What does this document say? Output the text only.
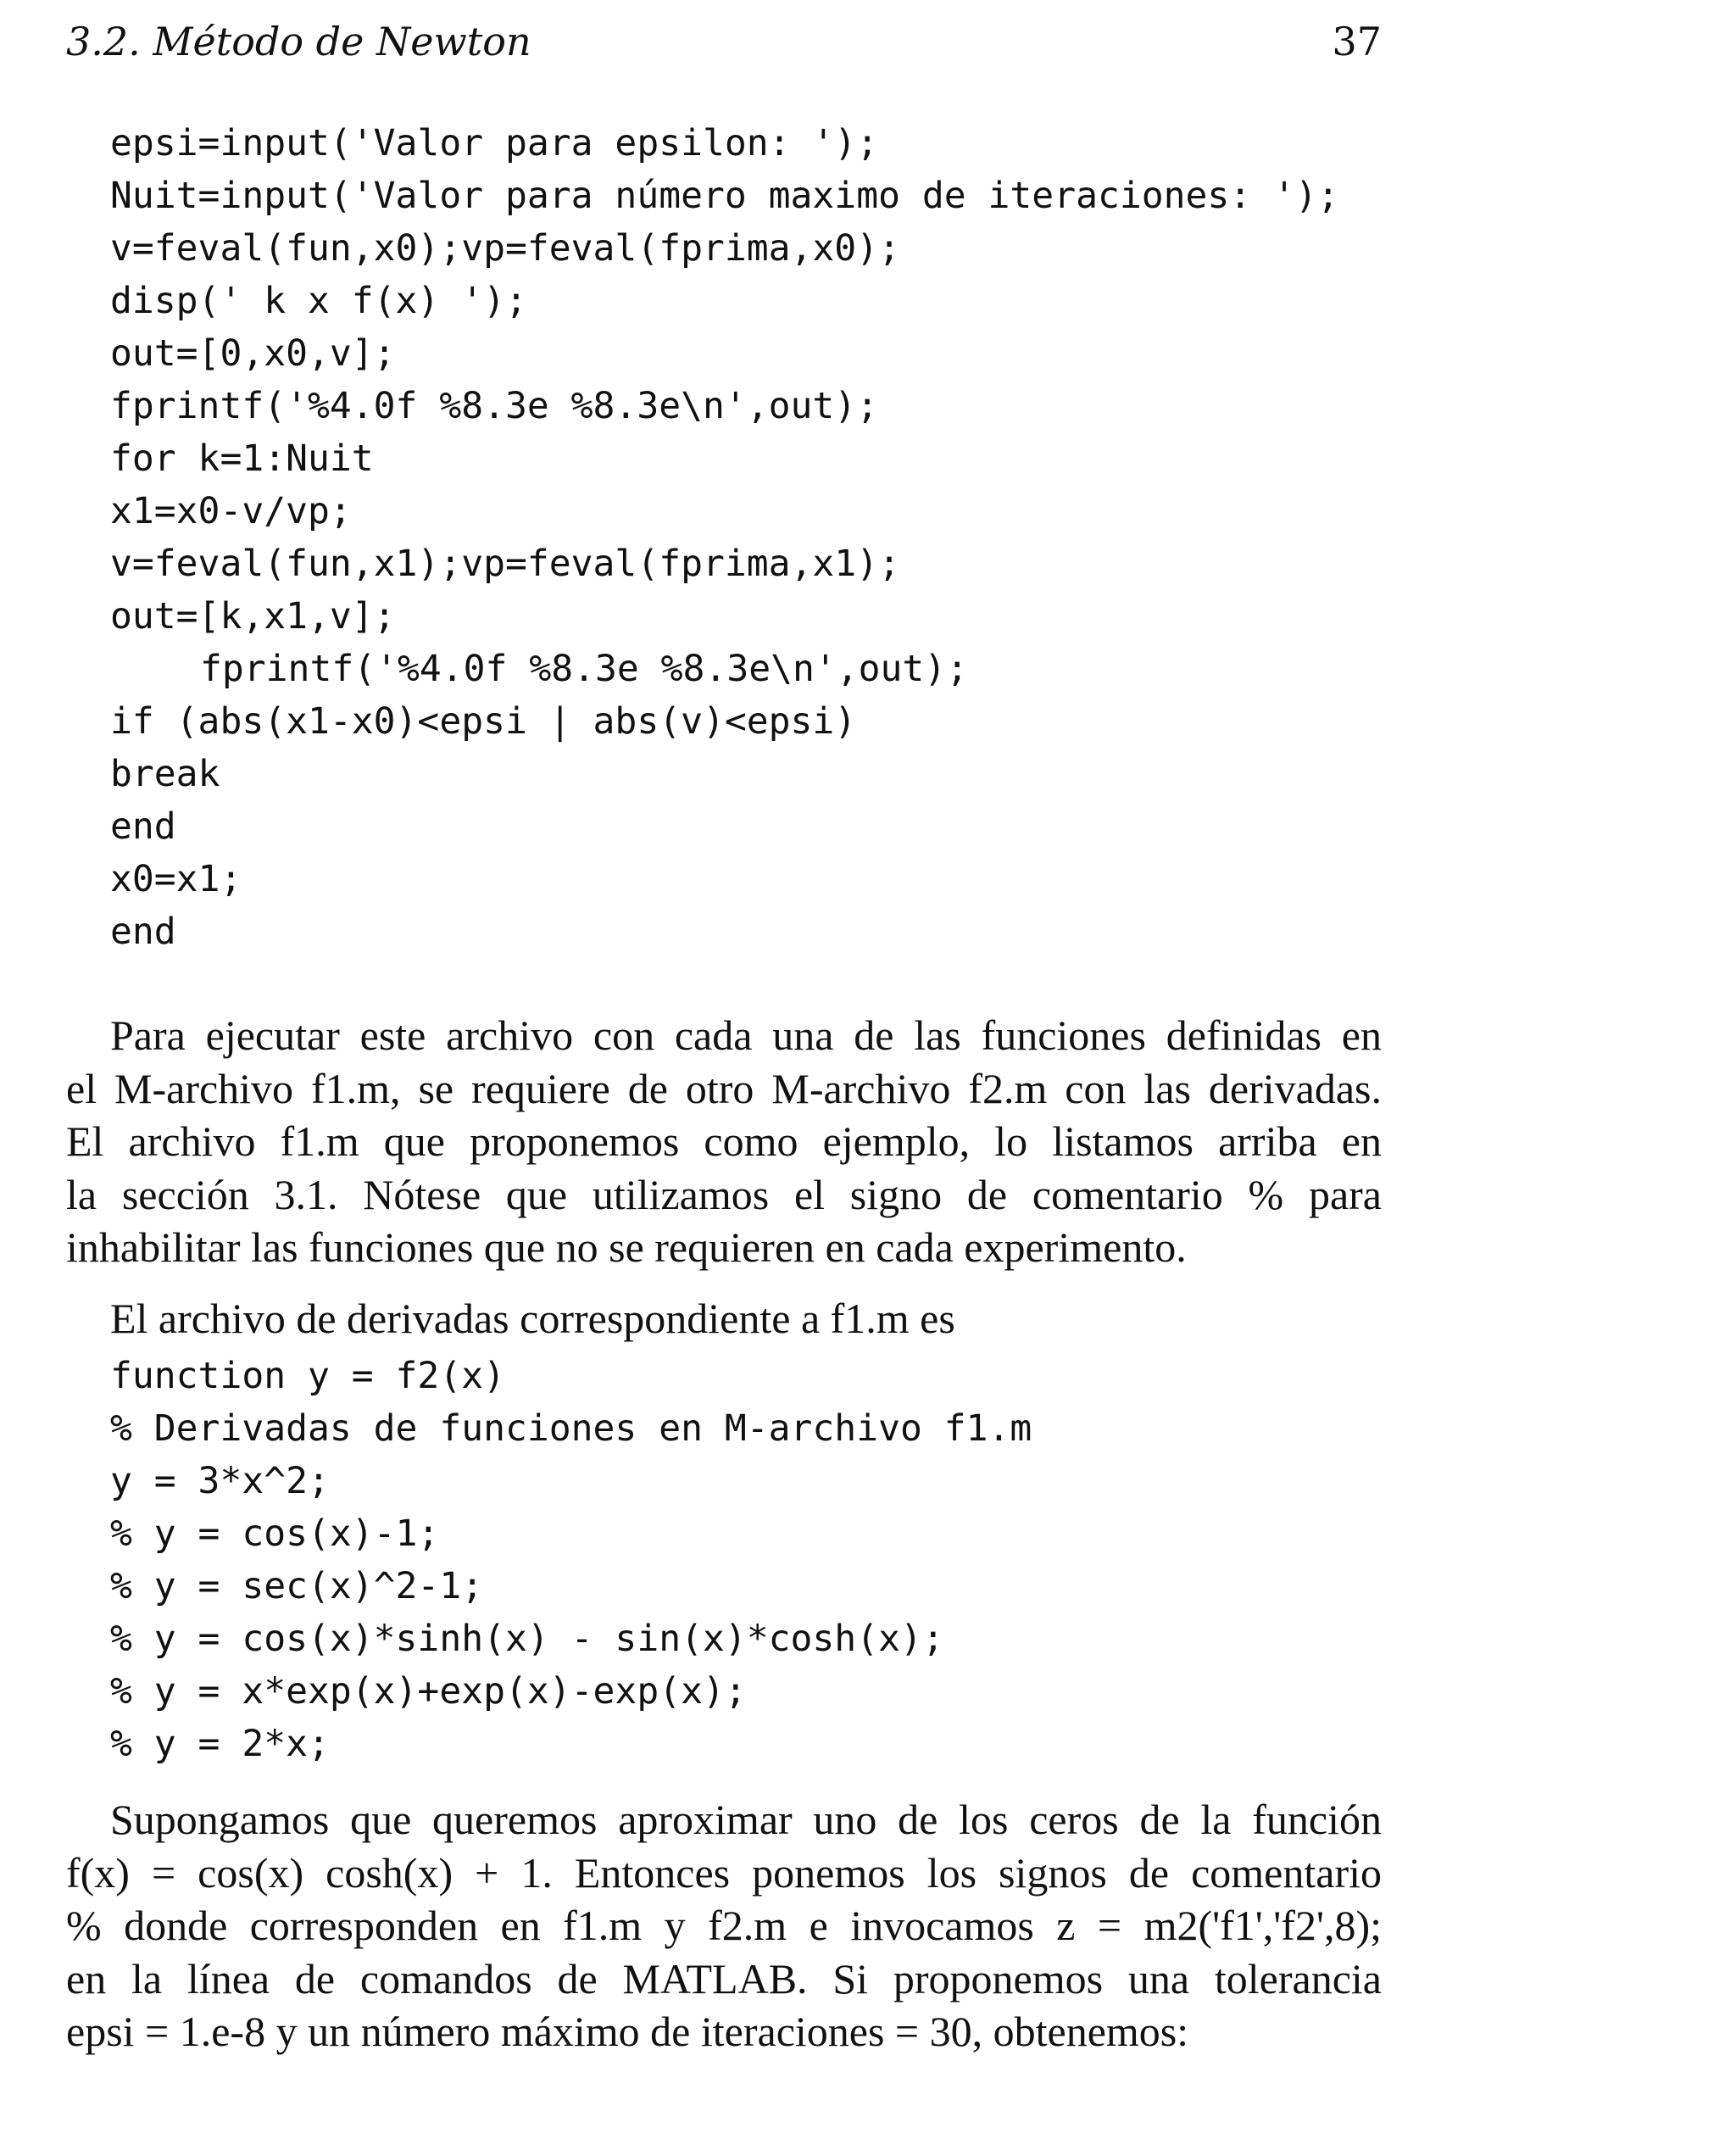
3.2. Método de Newton	37
epsi=input('Valor para epsilon: ');
Nuit=input('Valor para número maximo de iteraciones: ');
v=feval(fun,x0);vp=feval(fprima,x0);
disp(' k x f(x) ');
out=[0,x0,v];
fprintf('%4.0f %8.3e %8.3e\n',out);
for k=1:Nuit
x1=x0-v/vp;
v=feval(fun,x1);vp=feval(fprima,x1);
out=[k,x1,v];
fprintf('%4.0f %8.3e %8.3e\n',out);
if (abs(x1-x0)<epsi | abs(v)<epsi)
break
end
x0=x1;
end
Para ejecutar este archivo con cada una de las funciones definidas en
el M-archivo f1.m, se requiere de otro M-archivo f2.m con las derivadas.
El archivo f1.m que proponemos como ejemplo, lo listamos arriba en
la sección 3.1. Nótese que utilizamos el signo de comentario % para
inhabilitar las funciones que no se requieren en cada experimento.
El archivo de derivadas correspondiente a f1.m es
function y = f2(x)
% Derivadas de funciones en M-archivo f1.m
y = 3*x^2;
% y = cos(x)-1;
% y = sec(x)^2-1;
% y = cos(x)*sinh(x) - sin(x)*cosh(x);
% y = x*exp(x)+exp(x)-exp(x);
% y = 2*x;
Supongamos que queremos aproximar uno de los ceros de la función
f(x) = cos(x) cosh(x) + 1. Entonces ponemos los signos de comentario
% donde corresponden en f1.m y f2.m e invocamos z = m2('f1','f2',8);
en la línea de comandos de MATLAB. Si proponemos una tolerancia
epsi = 1.e-8 y un número máximo de iteraciones = 30, obtenemos:
